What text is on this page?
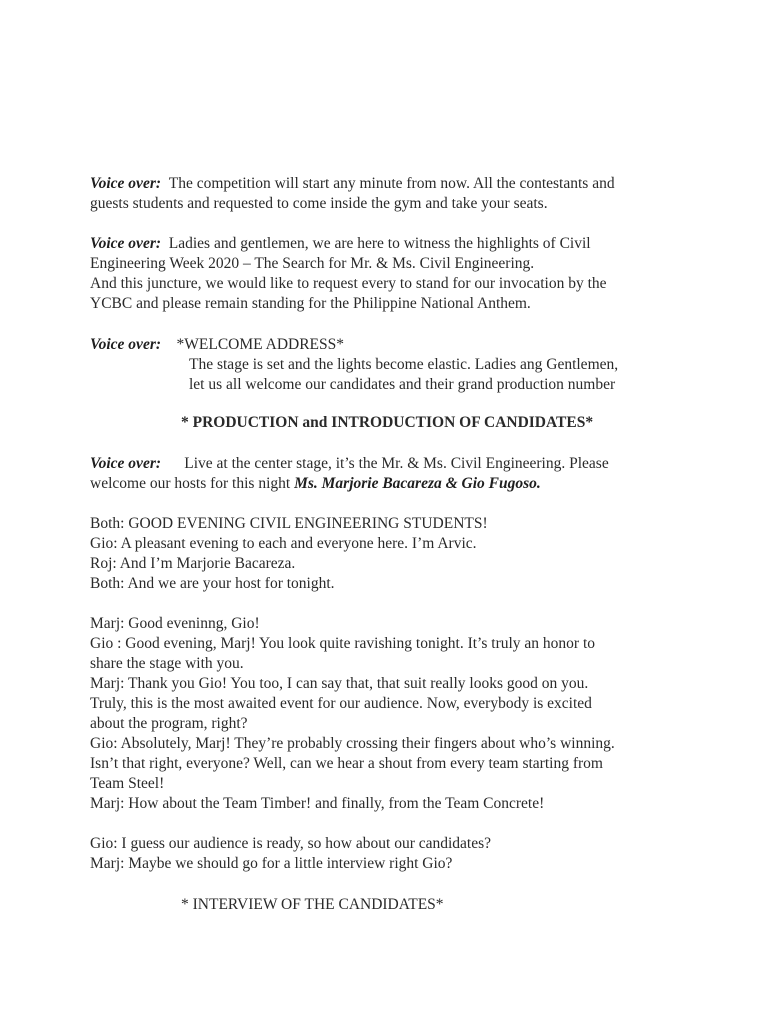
Voice over: The competition will start any minute from now. All the contestants and
guests students and requested to come inside the gym and take your seats.
Voice over: Ladies and gentlemen, we are here to witness the highlights of Civil
Engineering Week 2020 – The Search for Mr. & Ms. Civil Engineering.
And this juncture, we would like to request every to stand for our invocation by the
YCBC and please remain standing for the Philippine National Anthem.
Voice over: *WELCOME ADDRESS*
The stage is set and the lights become elastic. Ladies ang Gentlemen,
let us all welcome our candidates and their grand production number
* PRODUCTION and INTRODUCTION OF CANDIDATES*
Voice over: Live at the center stage, it’s the Mr. & Ms. Civil Engineering. Please
welcome our hosts for this night Ms. Marjorie Bacareza & Gio Fugoso.
Both: GOOD EVENING CIVIL ENGINEERING STUDENTS!
Gio: A pleasant evening to each and everyone here. I’m Arvic.
Roj: And I’m Marjorie Bacareza.
Both: And we are your host for tonight.
Marj: Good eveninng, Gio!
Gio : Good evening, Marj! You look quite ravishing tonight. It’s truly an honor to
share the stage with you.
Marj: Thank you Gio! You too, I can say that, that suit really looks good on you.
Truly, this is the most awaited event for our audience. Now, everybody is excited
about the program, right?
Gio: Absolutely, Marj! They’re probably crossing their fingers about who’s winning.
Isn’t that right, everyone? Well, can we hear a shout from every team starting from
Team Steel!
Marj: How about the Team Timber! and finally, from the Team Concrete!
Gio: I guess our audience is ready, so how about our candidates?
Marj: Maybe we should go for a little interview right Gio?
* INTERVIEW OF THE CANDIDATES*
